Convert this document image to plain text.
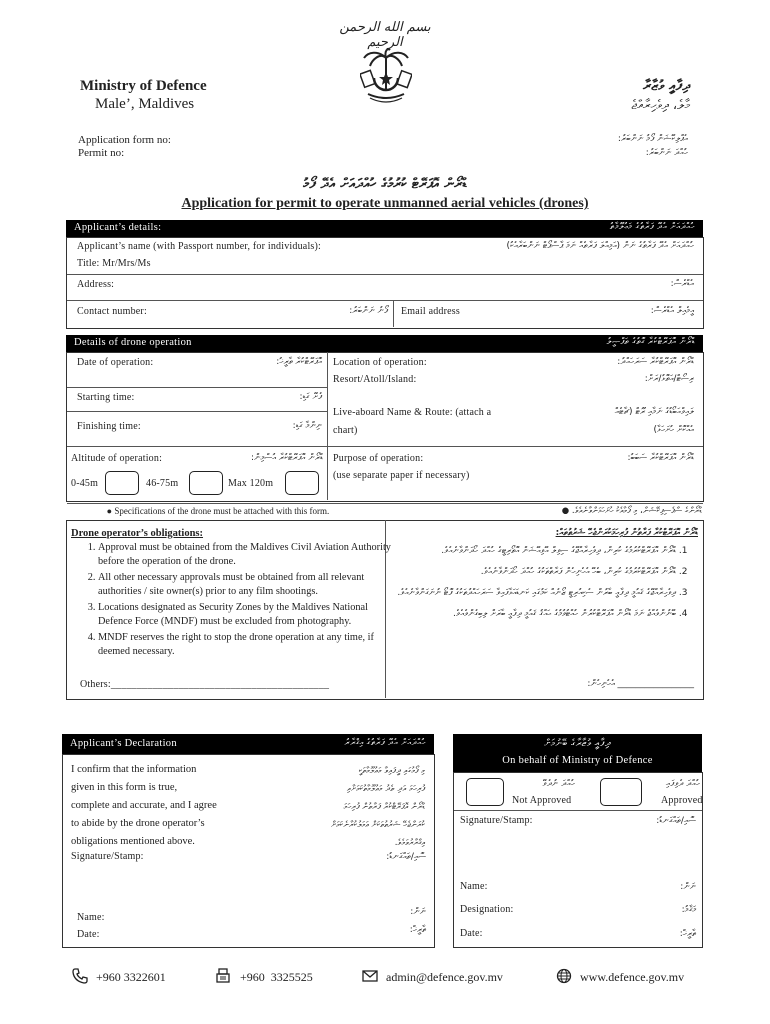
بسم الله الرحمن الرحيم
Ministry of Defence
Male’, Maldives
ދިފާއީ ވުޒާރާ
މާލެ، ދިވެހިރާއްޖެ
Application form no:
Permit no:
އެޕްލިކޭޝަން ފޯމު ނަންބަރު:
ހުއްދަ ނަންބަރު:
ޑްރޯން އޮޕަރޭޓް ކުރުމުގެ ހުއްދައަށް އެދޭ ފޯމު
Application for permit to operate unmanned aerial vehicles (drones)
Applicant’s details:	ހުއްދައަށް އެދޭ ފަރާތުގެ މަޢުލޫމާތު
Applicant’s name (with Passport number, for individuals):	ހުއްދައަށް އެދޭ ފަރާތުގެ ނަން (އަމިއްލަ ފަރާތެއް ނަމަ ޕާސްޕޯޓް ނަންބަރާއެކު)
Title: Mr/Mrs/Ms
Address:	އެޑްރެސް:
Contact number:	ފޯނު ނަންބަރު: Email address	އީމެއިލް އެޑްރެސް:
Details of drone operation	ޑްރޯން އޮޕަރޭޓްކުރާ ގޮތުގެ ތަފްޞީލު
Date of operation:	އޮޕަރޭޓްކުރާ ތާރީޚު: Location of operation:	ޑްރޯން އޮޕަރޭޓްކުރާ ސަރަހައްދު:
Resort/Atoll/Island:	ރިސޯޓް/އަތޮޅު/ރަށް:
Starting time:	ފެށޭ ގަޑި:
Finishing time:	ނިންމާ ގަޑި:
Live-aboard Name & Route: (attach a
chart)
ލައިވްއަބޯޑުގެ ނަމާއި ރޫޓް (ޗާޓެއް
އެއްކޮށް ހުށަހަޅާ)
Altitude of operation:	ޑްރޯން އޮޕަރޭޓްކުރާ އުސްމިން:
0-45m	46-75m	Max 120m
Purpose of operation:	ޑްރޯން އޮޕަރޭޓްކުރާ ސަބަބު:
(use separate paper if necessary)
● Specifications of the drone must be attached with this form.	ޑްރޯންގެ ސްޕެސިފިކޭޝަން، މި ފޯމާއެކު ހުށަހަޅަންވާނެއެވެ. ●
Drone operator’s obligations:
1. Approval must be obtained from the Maldives Civil Aviation Authority before the operation of the drone.
2. All other necessary approvals must be obtained from all relevant authorities / site owner(s) prior to any film shootings.
3. Locations designated as Security Zones by the Maldives National Defence Force (MNDF) must be excluded from photography.
4. MNDF reserves the right to stop the drone operation at any time, if deemed necessary.
Others:__________________________________________
ޑްރޯން އޮޕަރޭޓްކުރާ ފަރާތުން ފުރިހަމަކުރަންޖެހޭ ޝަރުޠުތައް:
1. ޑްރޯން އޮޕަރޭޓްކުރުމުގެ ކުރިން، ދިވެހިރާއްޖޭގެ ސިވިލް އޭވިއޭޝަން އޮތޯރިޓީގެ ހުއްދަ ހޯދަންވާނެއެވެ.
2. ޑްރޯން އޮޕަރޭޓްކުރުމުގެ ކުރިން، ބެހޭ އެހެނިހެން ފަރާތްތަކުގެ ހުއްދަ ހޯދަންވާނެއެވެ.
3. ދިވެހިރާއްޖޭގެ ޤައުމީ ދިފާޢީ ބާރުން ސެކިއުރިޓީ ޒޯނެއް ކަމުގައި ކަނޑައަޅާފައިވާ ސަރަހައްދުތަކުގެ ފޮޓޯ ނުނަގަންވާނެއެވެ.
4. ބޭނުންވެއްޖެ ނަމަ ޑްރޯން އޮޕަރޭޓްކުރުން ހުއްޓުވުމުގެ ޙައްޤު ޤައުމީ ދިފާޢީ ބާރަށް ލިބިގެންވެއެވެ.
_________________ އެހެނިހެން:
Applicant’s Declaration	ހުއްދައަށް އެދޭ ފަރާތުގެ އިޤްރާރު
I confirm that the information
given in this form is true,
complete and accurate, and I agree
to abide by the drone operator’s
obligations mentioned above.
މި ފޯމުގައި ދީފައިވާ މަޢުލޫމާތަކީ
ފުރިހަމަ އަދި ތެދު މަޢުލޫމާތުކަމަށާއި
ޑްރޯން އޮޕަރޭޓްކުރާ ފަރާތުން ފުރިހަމަ
ކުރަންޖެހޭ ޝަރުޠުތަކަށް ޢަމަލުކުރާނެކަމަށް
އިޤްރާރުވަމެވެ.
Signature/Stamp:	ސޮއި/ތައްގަނޑު:
Name:	ނަން:
Date:	ތާރީޚް:
ދިފާއީ ވުޒާރާގެ ބޭނުމަށް
On behalf of Ministry of Defence
ހުއްދަ ނުދެވޭ
Not Approved
ހުއްދަ ދެވިފައި
Approved
Signature/Stamp:	ސޮއި/ތައްގަނޑު:
Name:	ނަން:
Designation:	މަޤާމު:
Date:	ތާރީޚް:
+960 3322601	+960  3325525	admin@defence.gov.mv	www.defence.gov.mv
